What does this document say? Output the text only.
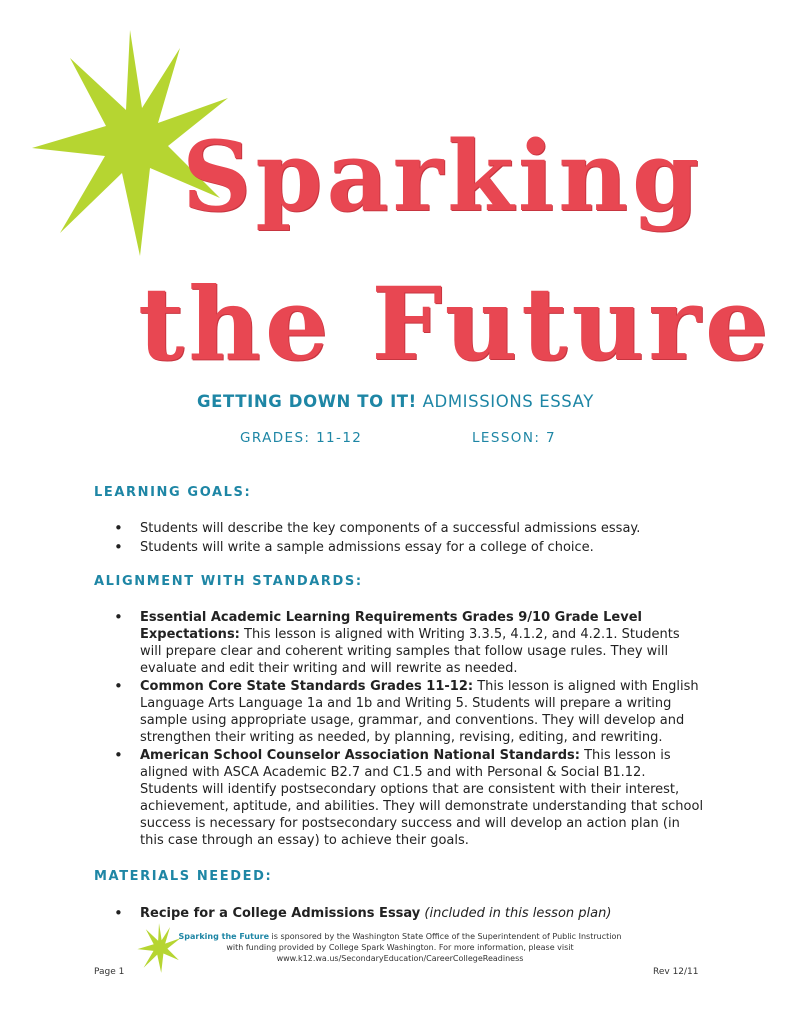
Sparking
the Future
GETTING DOWN TO IT! ADMISSIONS ESSAY
GRADES: 11-12	LESSON: 7
LEARNING GOALS:
• Students will describe the key components of a successful admissions essay.
• Students will write a sample admissions essay for a college of choice.
ALIGNMENT WITH STANDARDS:
• Essential Academic Learning Requirements Grades 9/10 Grade Level Expectations: This lesson is aligned with Writing 3.3.5, 4.1.2, and 4.2.1. Students will prepare clear and coherent writing samples that follow usage rules. They will evaluate and edit their writing and will rewrite as needed.
• Common Core State Standards Grades 11-12: This lesson is aligned with English Language Arts Language 1a and 1b and Writing 5. Students will prepare a writing sample using appropriate usage, grammar, and conventions. They will develop and strengthen their writing as needed, by planning, revising, editing, and rewriting.
• American School Counselor Association National Standards: This lesson is aligned with ASCA Academic B2.7 and C1.5 and with Personal & Social B1.12. Students will identify postsecondary options that are consistent with their interest, achievement, aptitude, and abilities. They will demonstrate understanding that school success is necessary for postsecondary success and will develop an action plan (in this case through an essay) to achieve their goals.
MATERIALS NEEDED:
• Recipe for a College Admissions Essay (included in this lesson plan)
Sparking the Future is sponsored by the Washington State Office of the Superintendent of Public Instruction
with funding provided by College Spark Washington. For more information, please visit
www.k12.wa.us/SecondaryEducation/CareerCollegeReadiness
Page 1	Rev 12/11
